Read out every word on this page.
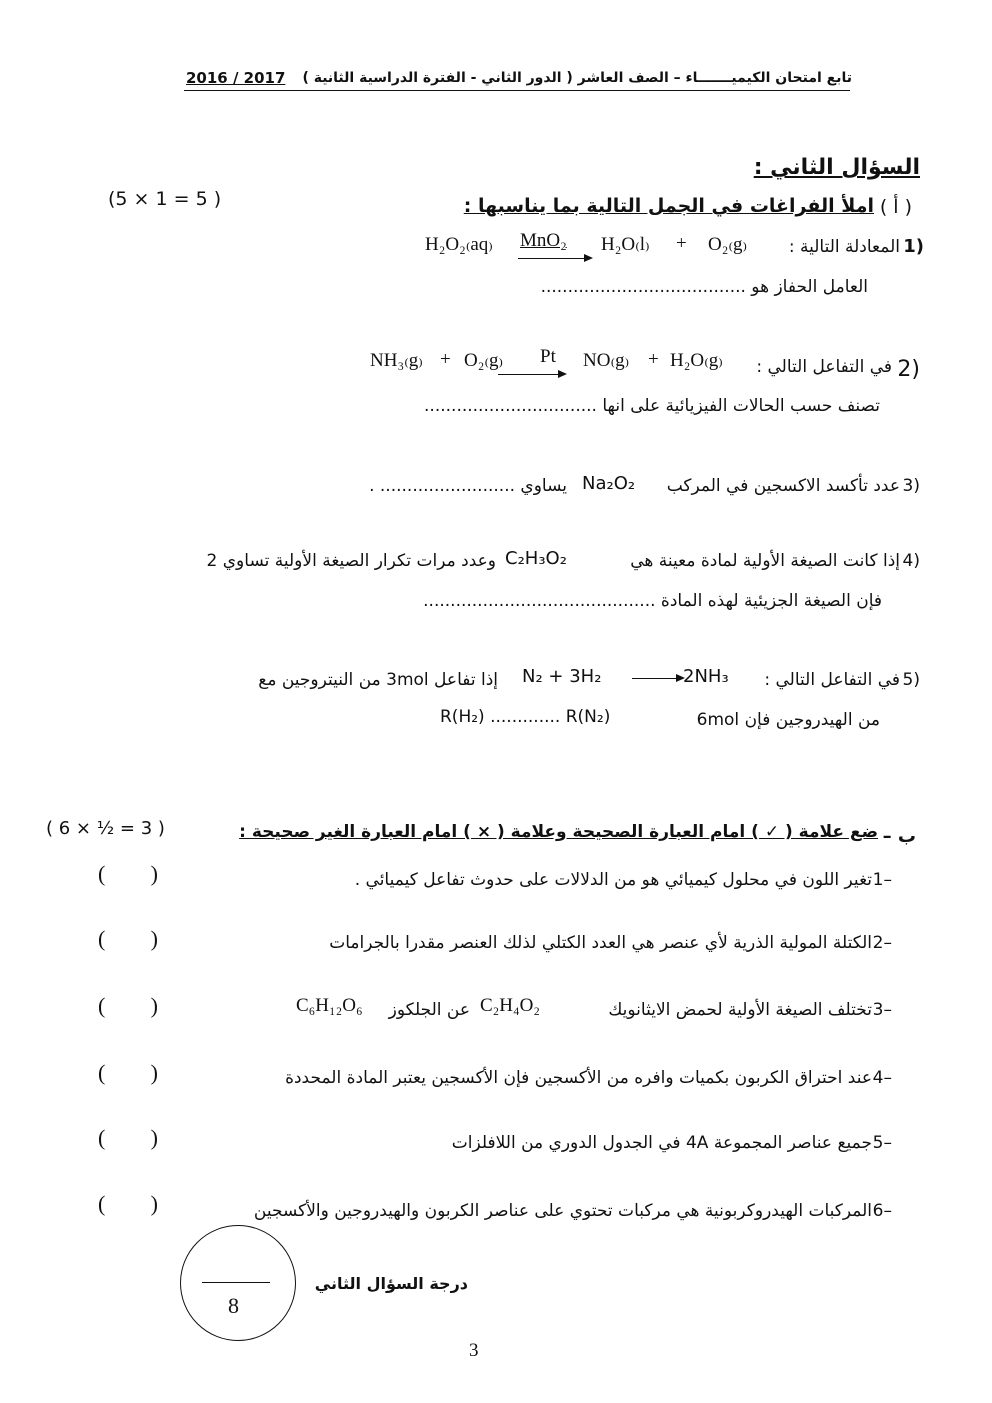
تابع امتحان الكيميـــــــاء – الصف العاشر ( الدور الثاني - الفترة الدراسية الثانية )
2016 / 2017
السؤال الثاني :
(5 × 1 = 5 )	( أ )
املأ الفراغات في الجمل التالية بما يناسبها :
1)
المعادلة التالية :
H₂O₂₍aq₎ MnO₂ H₂O₍l₎ + O₂₍g₎
العامل الحفاز هو ......................................
2)
في التفاعل التالي :
NH₃₍g₎ + O₂₍g₎ Pt NO₍g₎ + H₂O₍g₎
تصنف حسب الحالات الفيزيائية على انها ................................
3)
عدد تأكسد الاكسجين في المركب
Na₂O₂
يساوي ......................... .
4)
إذا كانت الصيغة الأولية لمادة معينة هي
C₂H₃O₂
وعدد مرات تكرار الصيغة الأولية تساوي 2
فإن الصيغة الجزيئية لهذه المادة ...........................................
5)
في التفاعل التالي :
N₂ + 3H₂	2NH₃
إذا تفاعل 3mol من النيتروجين مع
6mol من الهيدروجين فإن
R(H₂) ............. R(N₂)
( 6 × ½ = 3 )	ب –
ضع علامة ( ✓ ) امام العبارة الصحيحة وعلامة ( × ) امام العبارة الغير صحيحة :
1–
تغير اللون في محلول كيميائي هو من الدلالات على حدوث تفاعل كيميائي .
2–
الكتلة المولية الذرية لأي عنصر هي العدد الكتلي لذلك العنصر مقدرا بالجرامات
3–
تختلف الصيغة الأولية لحمض الايثانويك
C₂H₄O₂
عن الجلكوز
C₆H₁₂O₆
4–
عند احتراق الكربون بكميات وافره من الأكسجين فإن الأكسجين يعتبر المادة المحددة
5–
جميع عناصر المجموعة 4A في الجدول الدوري من اللافلزات
6–
المركبات الهيدروكربونية هي مركبات تحتوي على عناصر الكربون والهيدروجين والأكسجين
( )
( )
( )
( )
( )
( )
8
درجة السؤال الثاني
3
